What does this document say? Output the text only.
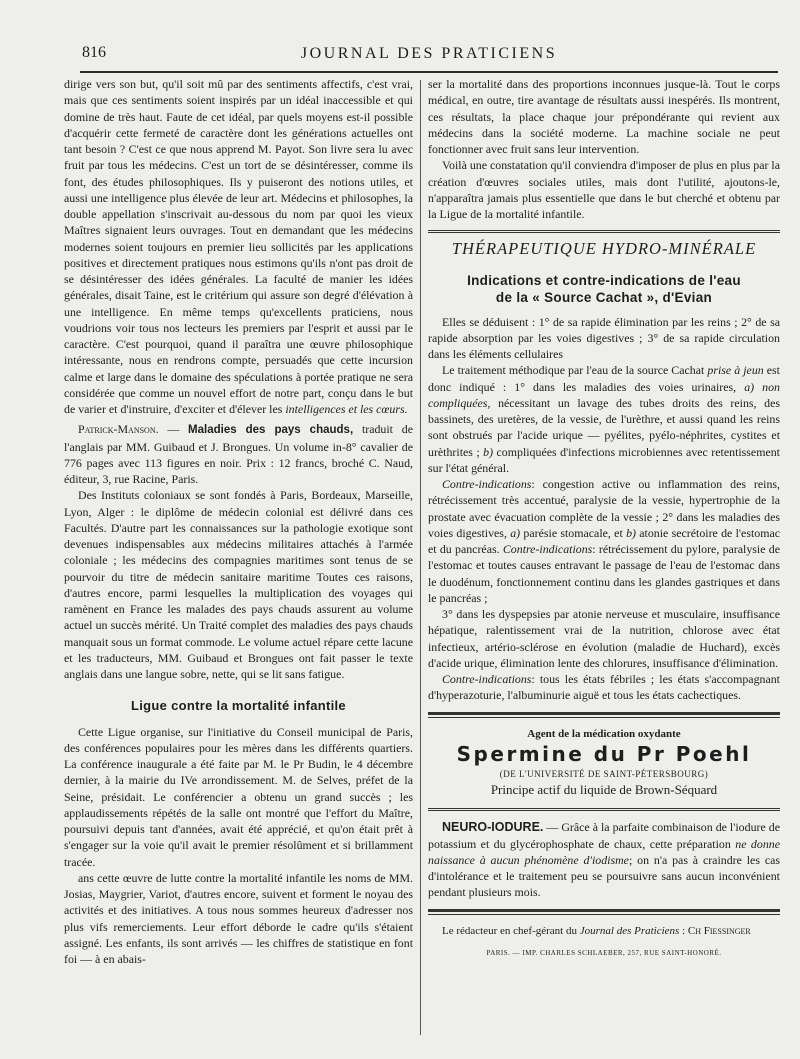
816	JOURNAL DES PRATICIENS

dirige vers son but, qu'il soit mû par des sentiments affectifs, c'est vrai, mais que ces sentiments soient inspirés par un idéal inaccessible et qui domine de très haut. Faute de cet idéal, par quels moyens est-il possible d'acquérir cette fermeté de caractère dont les générations actuelles ont tant besoin ? C'est ce que nous apprend M. Payot. Son livre sera lu avec fruit par tous les médecins. C'est un tort de se désintéresser, comme ils font, des études philosophiques. Ils y puiseront des notions utiles, et aussi une intelligence plus élevée de leur art. Médecins et philosophes, la double appellation s'inscrivait au-dessous du nom par quoi les vieux Maîtres signaient leurs ouvrages. Tout en demandant que les médecins modernes soient toujours en premier lieu sollicités par les applications positives et directement pratiques nous estimons qu'ils n'ont pas droit de se désintéresser des idées générales. La faculté de manier les idées générales, disait Taine, est le critérium qui assure son degré d'élévation à une intelligence. En même temps qu'excellents praticiens, nous voudrions voir tous nos lecteurs les premiers par l'esprit et aussi par le caractère. C'est pourquoi, quand il paraîtra une œuvre philosophique intéressante, nous en rendrons compte, persuadés que cette incursion calme et large dans le domaine des spéculations à portée pratique ne sera considérée que comme un nouvel effort de notre part, conçu dans le but de varier et d'instruire, d'exciter et d'élever les intelligences et les cœurs.

Patrick-Manson. — Maladies des pays chauds, traduit de l'anglais par MM. Guibaud et J. Brongues. Un volume in-8° cavalier de 776 pages avec 113 figures en noir. Prix : 12 francs, broché C. Naud, éditeur, 3, rue Racine, Paris.

Des Instituts coloniaux se sont fondés à Paris, Bordeaux, Marseille, Lyon, Alger : le diplôme de médecin colonial est délivré dans ces Facultés. D'autre part les connaissances sur la pathologie exotique sont devenues indispensables aux médecins militaires attachés à l'armée coloniale ; les médecins des compagnies maritimes sont tenus de se pourvoir du titre de médecin sanitaire maritime Toutes ces raisons, d'autres encore, parmi lesquelles la multiplication des voyages qui ramènent en France les malades des pays chauds assurent au volume actuel un succès mérité. Un Traité complet des maladies des pays chauds manquait sous un format commode. Le volume actuel répare cette lacune et les traducteurs, MM. Guibaud et Brongues ont fait passer le texte anglais dans une langue sobre, nette, qui se lit sans fatigue.

Ligue contre la mortalité infantile

Cette Ligue organise, sur l'initiative du Conseil municipal de Paris, des conférences populaires pour les mères dans les différents quartiers. La conférence inaugurale a été faite par M. le Pr Budin, le 4 décembre dernier, à la mairie du IVe arrondissement. M. de Selves, préfet de la Seine, présidait. Le conférencier a obtenu un grand succès ; les applaudissements répétés de la salle ont montré que l'effort du Maître, poursuivi depuis tant d'années, avait été apprécié, et qu'on était prêt à s'engager sur la voie qu'il avait le premier résolûment et si brillamment tracée.

ans cette œuvre de lutte contre la mortalité infantile les noms de MM. Josias, Maygrier, Variot, d'autres encore, suivent et forment le noyau des activités et des initiatives. A tous nous sommes heureux d'adresser nos plus vifs remerciements. Leur effort déborde le cadre qu'ils s'étaient assigné. Les enfants, ils sont arrivés — les chiffres de statistique en font foi — à en abais-

ser la mortalité dans des proportions inconnues jusque-là. Tout le corps médical, en outre, tire avantage de résultats aussi inespérés. Ils montrent, ces résultats, la place chaque jour prépondérante qui revient aux médecins dans la société moderne. La machine sociale ne peut fonctionner avec fruit sans leur intervention.

Voilà une constatation qu'il conviendra d'imposer de plus en plus par la création d'œuvres sociales utiles, mais dont l'utilité, ajoutons-le, n'apparaîtra jamais plus essentielle que dans le but cherché et obtenu par la Ligue de la mortalité infantile.

THÉRAPEUTIQUE HYDRO-MINÉRALE
Indications et contre-indications de l'eau
de la « Source Cachat », d'Evian

Elles se déduisent : 1° de sa rapide élimination par les reins ; 2° de sa rapide absorption par les voies digestives ; 3° de sa rapide circulation dans les éléments cellulaires

Le traitement méthodique par l'eau de la source Cachat prise à jeun est donc indiqué : 1° dans les maladies des voies urinaires, a) non compliquées, nécessitant un lavage des tubes droits des reins, des bassinets, des uretères, de la vessie, de l'urèthre, et aussi quand les reins sont obstrués par l'acide urique — pyélites, pyélo-néphrites, cystites et urèthrites ; b) compliquées d'infections microbiennes avec retentissement sur l'état général.

Contre-indications: congestion active ou inflammation des reins, rétrécissement très accentué, paralysie de la vessie, hypertrophie de la prostate avec évacuation complète de la vessie ; 2° dans les maladies des voies digestives, a) parésie stomacale, et b) atonie secrétoire de l'estomac et du pancréas. Contre-indications: rétrécissement du pylore, paralysie de l'estomac et toutes causes entravant le passage de l'eau de l'estomac dans le duodénum, fonctionnement continu dans les glandes gastriques et dans le pancréas ;

3° dans les dyspepsies par atonie nerveuse et musculaire, insuffisance hépatique, ralentissement vrai de la nutrition, chlorose avec état infectieux, artério-sclérose en évolution (maladie de Huchard), excès d'acide urique, élimination lente des chlorures, insuffisance d'élimination.

Contre-indications: tous les états fébriles ; les états s'accompagnant d'hyperazoturie, l'albuminurie aiguë et tous les états cachectiques.

Agent de la médication oxydante
Spermine du Pr Poehl
(DE L'UNIVERSITÉ DE SAINT-PÉTERSBOURG)
Principe actif du liquide de Brown-Séquard

NEURO-IODURE. — Grâce à la parfaite combinaison de l'iodure de potassium et du glycérophosphate de chaux, cette préparation ne donne naissance à aucun phénomène d'iodisme; on n'a pas à craindre les cas d'intolérance et le traitement peu se poursuivre sans aucun inconvénient pendant plusieurs mois.

Le rédacteur en chef-gérant du Journal des Praticiens : Ch Fiessinger

PARIS. — IMP. CHARLES SCHLAEBER, 257, RUE SAINT-HONORÉ.
